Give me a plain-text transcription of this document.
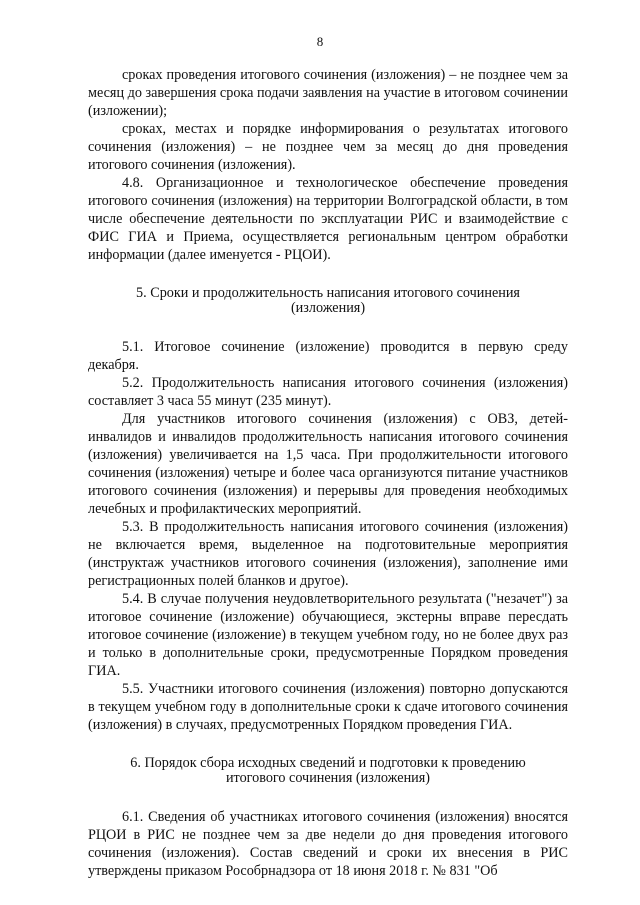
8

сроках проведения итогового сочинения (изложения) – не позднее чем за месяц до завершения срока подачи заявления на участие в итоговом сочинении (изложении);

сроках, местах и порядке информирования о результатах итогового сочинения (изложения) – не позднее чем за месяц до дня проведения итогового сочинения (изложения).

4.8. Организационное и технологическое обеспечение проведения итогового сочинения (изложения) на территории Волгоградской области, в том числе обеспечение деятельности по эксплуатации РИС и взаимодействие с ФИС ГИА и Приема, осуществляется региональным центром обработки информации (далее именуется - РЦОИ).

5. Сроки и продолжительность написания итогового сочинения (изложения)

5.1. Итоговое сочинение (изложение) проводится в первую среду декабря.

5.2. Продолжительность написания итогового сочинения (изложения) составляет 3 часа 55 минут (235 минут).

Для участников итогового сочинения (изложения) с ОВЗ, детей-инвалидов и инвалидов продолжительность написания итогового сочинения (изложения) увеличивается на 1,5 часа. При продолжительности итогового сочинения (изложения) четыре и более часа организуются питание участников итогового сочинения (изложения) и перерывы для проведения необходимых лечебных и профилактических мероприятий.

5.3. В продолжительность написания итогового сочинения (изложения) не включается время, выделенное на подготовительные мероприятия (инструктаж участников итогового сочинения (изложения), заполнение ими регистрационных полей бланков и другое).

5.4. В случае получения неудовлетворительного результата ("незачет") за итоговое сочинение (изложение) обучающиеся, экстерны вправе пересдать итоговое сочинение (изложение) в текущем учебном году, но не более двух раз и только в дополнительные сроки, предусмотренные Порядком проведения ГИА.

5.5. Участники итогового сочинения (изложения) повторно допускаются в текущем учебном году в дополнительные сроки к сдаче итогового сочинения (изложения) в случаях, предусмотренных Порядком проведения ГИА.

6. Порядок сбора исходных сведений и подготовки к проведению итогового сочинения (изложения)

6.1. Сведения об участниках итогового сочинения (изложения) вносятся РЦОИ в РИС не позднее чем за две недели до дня проведения итогового сочинения (изложения). Состав сведений и сроки их внесения в РИС утверждены приказом Рособрнадзора от 18 июня 2018 г. № 831 "Об
